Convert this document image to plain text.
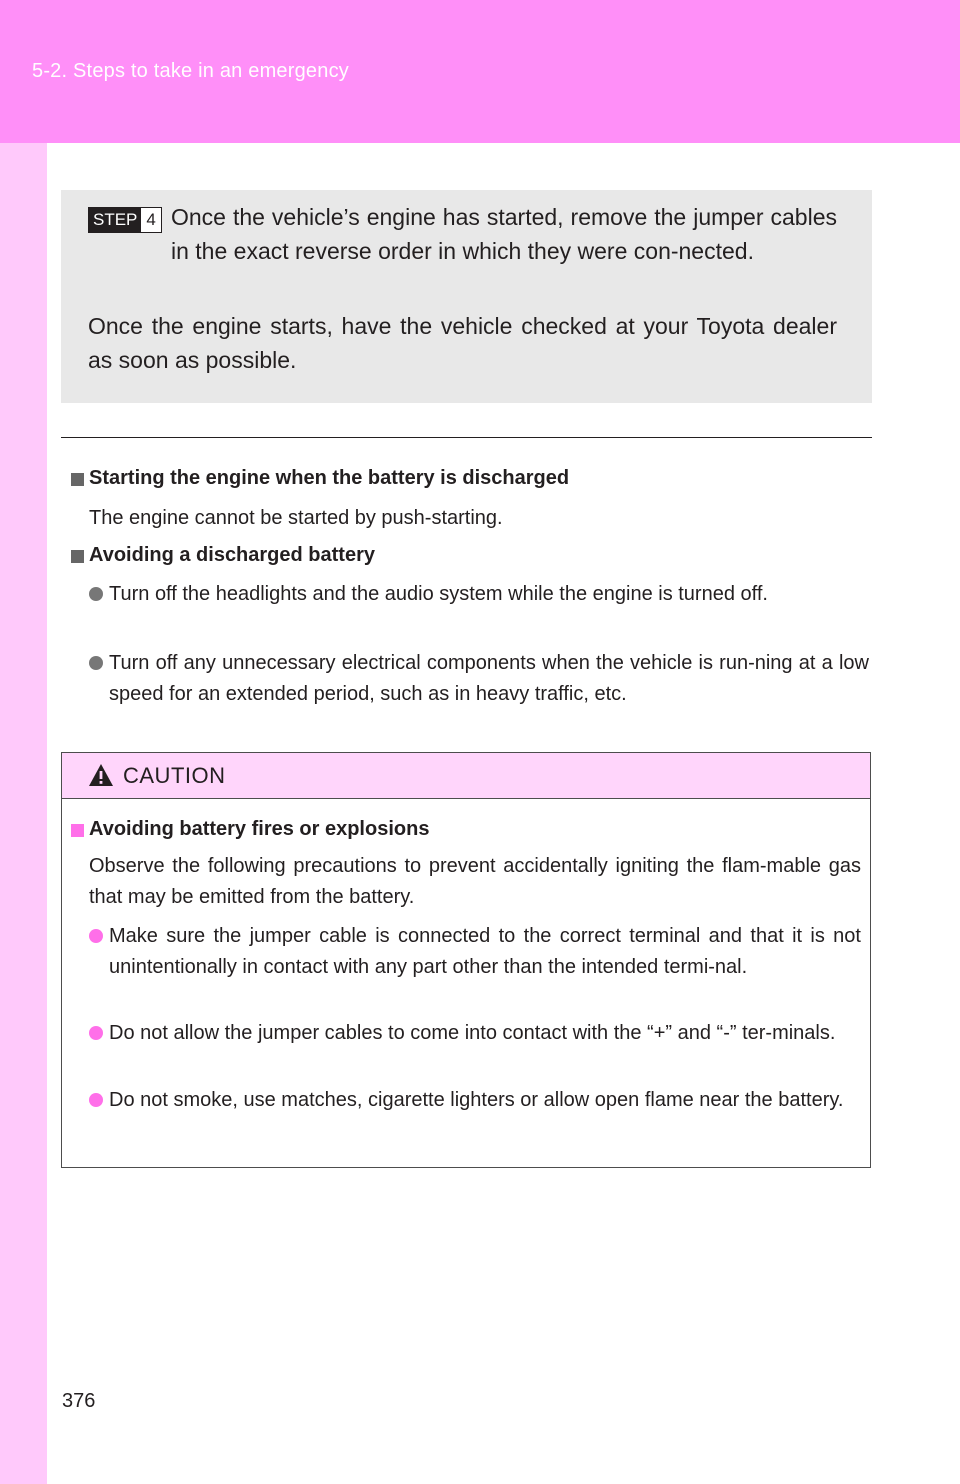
5-2. Steps to take in an emergency
STEP 4 Once the vehicle’s engine has started, remove the jumper cables in the exact reverse order in which they were con-nected.
Once the engine starts, have the vehicle checked at your Toyota dealer as soon as possible.
Starting the engine when the battery is discharged
The engine cannot be started by push-starting.
Avoiding a discharged battery
Turn off the headlights and the audio system while the engine is turned off.
Turn off any unnecessary electrical components when the vehicle is run-ning at a low speed for an extended period, such as in heavy traffic, etc.
CAUTION
Avoiding battery fires or explosions
Observe the following precautions to prevent accidentally igniting the flam-mable gas that may be emitted from the battery.
Make sure the jumper cable is connected to the correct terminal and that it is not unintentionally in contact with any part other than the intended termi-nal.
Do not allow the jumper cables to come into contact with the “+” and “-” ter-minals.
Do not smoke, use matches, cigarette lighters or allow open flame near the battery.
376
carmanualsonline.info
